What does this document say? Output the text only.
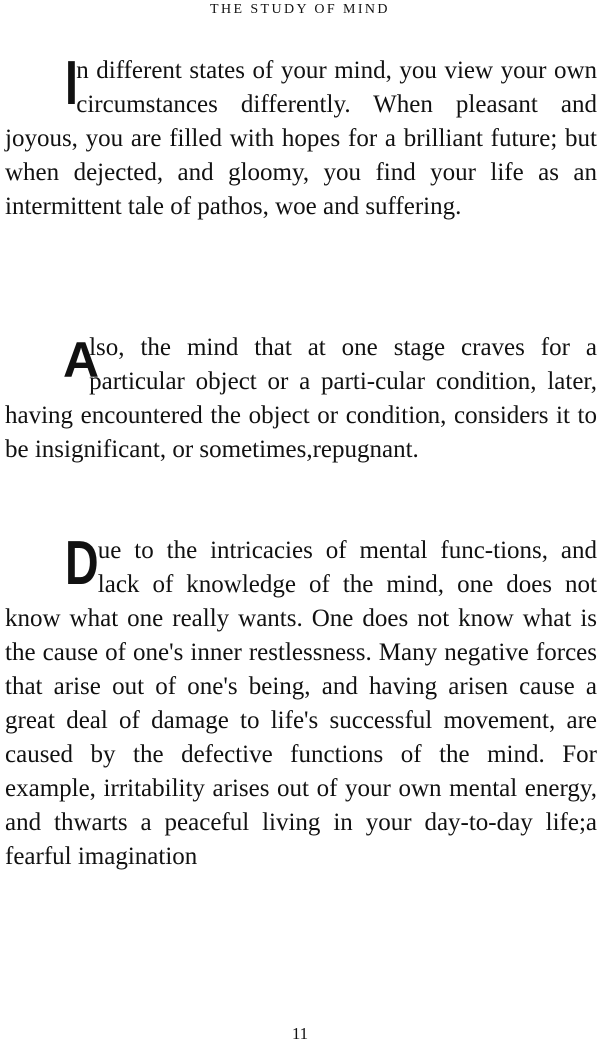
THE STUDY OF MIND
I

n different states of your mind, you view your own circumstances differently. When pleasant and joyous, you are filled with hopes for a brilliant future; but when dejected, and gloomy, you find your life as an intermittent tale of pathos, woe and suffering.

A

lso, the mind that at one stage craves for a particular object or a parti-cular condition, later, having encountered the object or condition, considers it to be insignificant, or sometimes,repugnant.

D ue to the intricacies of mental func-tions, and lack of knowledge of the mind, one does not know what one really wants. One does not know what is the cause of one's inner restlessness. Many negative forces that arise out of one's being, and having arisen cause a great deal of damage to life's successful movement, are caused by the defective functions of the mind. For example, irritability arises out of your own mental energy, and thwarts a peaceful living in your day-to-day life;a fearful imagination

11
